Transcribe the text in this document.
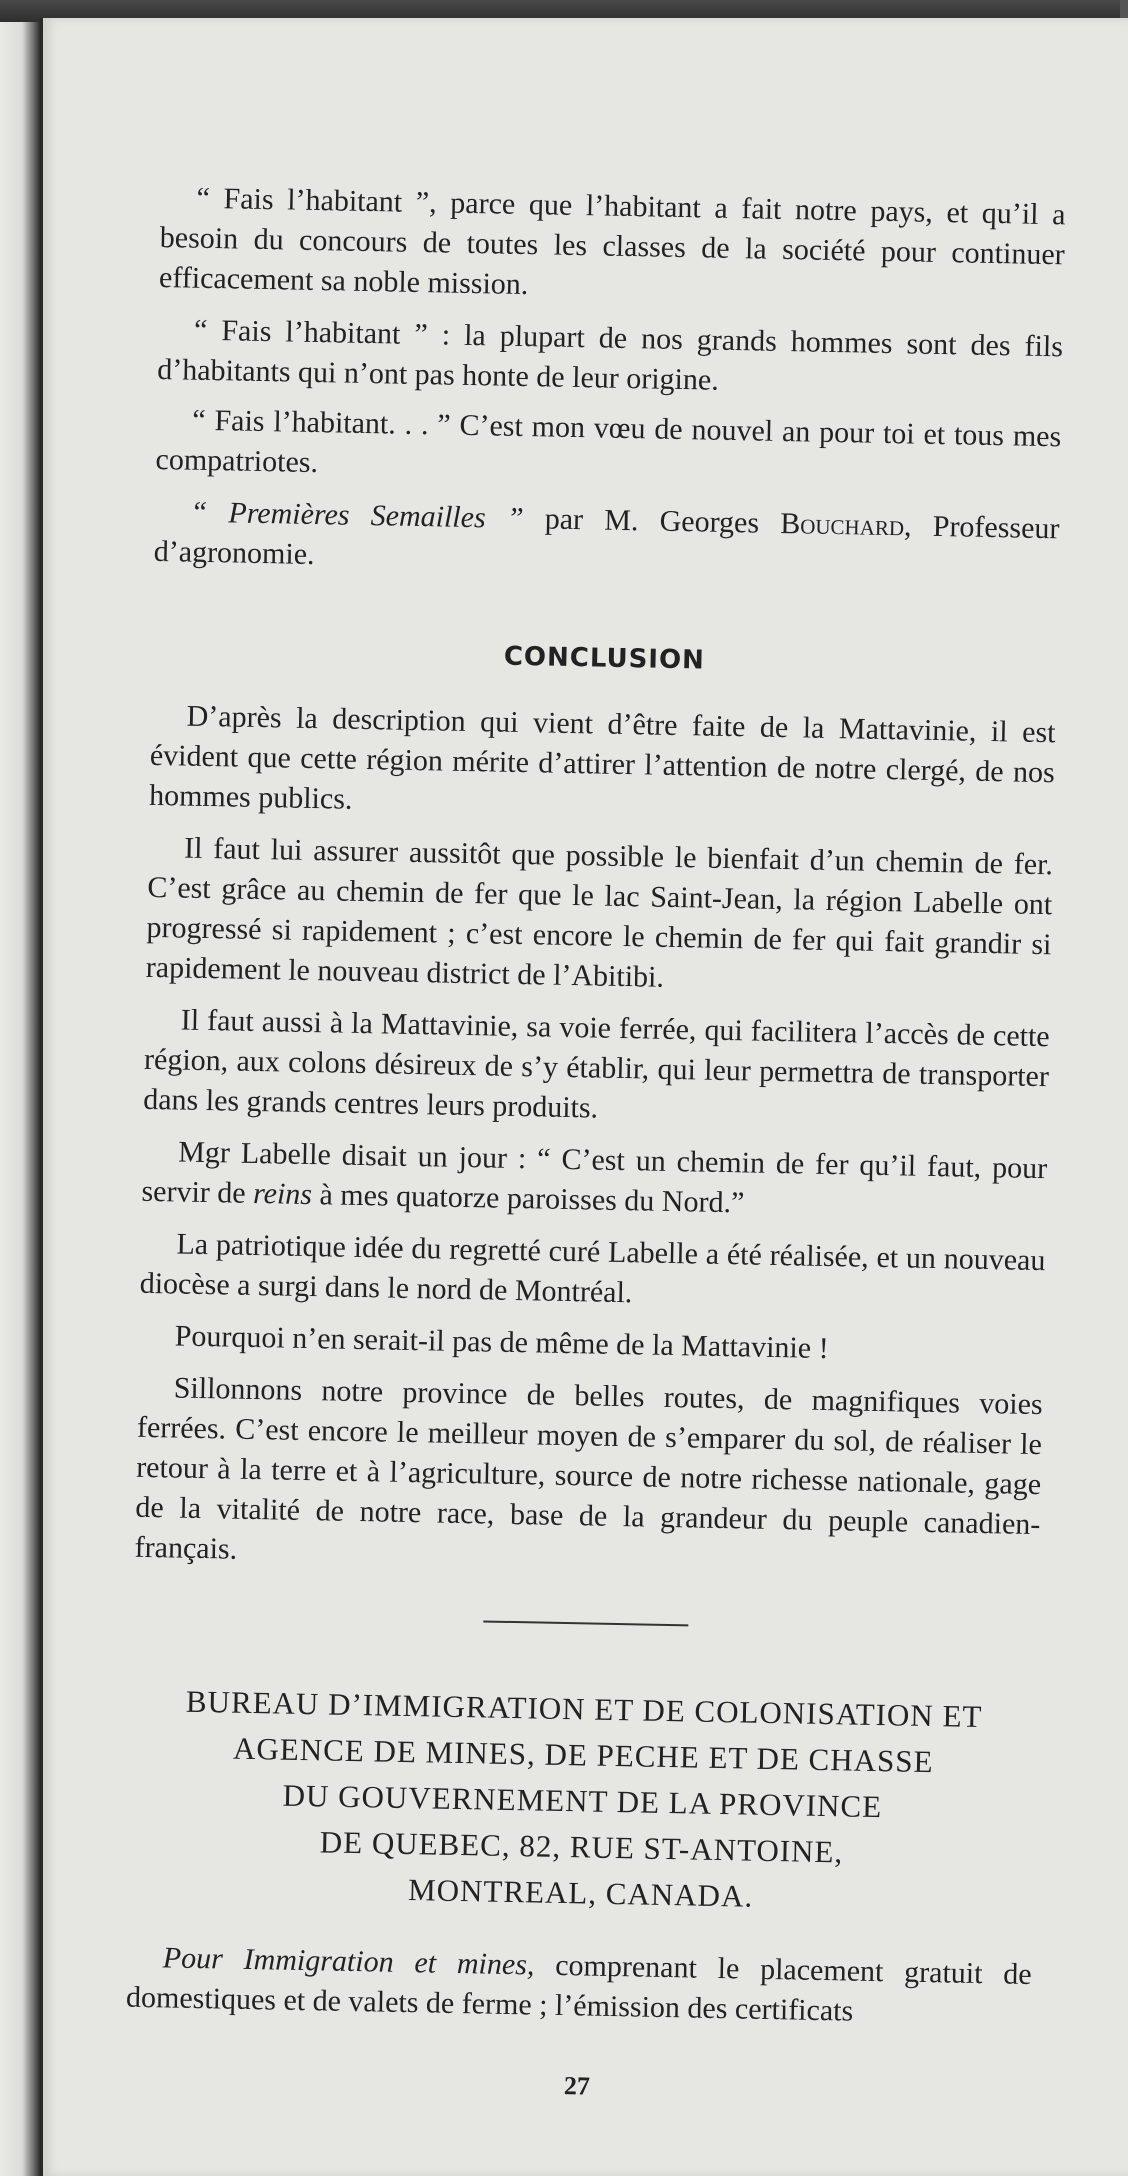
“ Fais l’habitant ”, parce que l’habitant a fait notre pays, et qu’il a besoin du concours de toutes les classes de la société pour continuer efficacement sa noble mission.

“ Fais l’habitant ” : la plupart de nos grands hommes sont des fils d’habitants qui n’ont pas honte de leur origine.

“ Fais l’habitant. . . ” C’est mon vœu de nouvel an pour toi et tous mes compatriotes.

“ Premières Semailles ” par M. Georges Bouchard, Professeur d’agronomie.

CONCLUSION

D’après la description qui vient d’être faite de la Mattavinie, il est évident que cette région mérite d’attirer l’attention de notre clergé, de nos hommes publics.

Il faut lui assurer aussitôt que possible le bienfait d’un chemin de fer. C’est grâce au chemin de fer que le lac Saint-Jean, la région Labelle ont progressé si rapidement ; c’est encore le chemin de fer qui fait grandir si rapidement le nouveau district de l’Abitibi.

Il faut aussi à la Mattavinie, sa voie ferrée, qui facilitera l’accès de cette région, aux colons désireux de s’y établir, qui leur permettra de transporter dans les grands centres leurs produits.

Mgr Labelle disait un jour : “ C’est un chemin de fer qu’il faut, pour servir de reins à mes quatorze paroisses du Nord.”

La patriotique idée du regretté curé Labelle a été réalisée, et un nouveau diocèse a surgi dans le nord de Montréal.

Pourquoi n’en serait-il pas de même de la Mattavinie !

Sillonnons notre province de belles routes, de magnifiques voies ferrées. C’est encore le meilleur moyen de s’emparer du sol, de réaliser le retour à la terre et à l’agriculture, source de notre richesse nationale, gage de la vitalité de notre race, base de la grandeur du peuple canadien-français.

BUREAU D’IMMIGRATION ET DE COLONISATION ET
AGENCE DE MINES, DE PECHE ET DE CHASSE
DU GOUVERNEMENT DE LA PROVINCE
DE QUEBEC, 82, RUE ST-ANTOINE,
MONTREAL, CANADA.

Pour Immigration et mines, comprenant le placement gratuit de domestiques et de valets de ferme ; l’émission des certificats

27
